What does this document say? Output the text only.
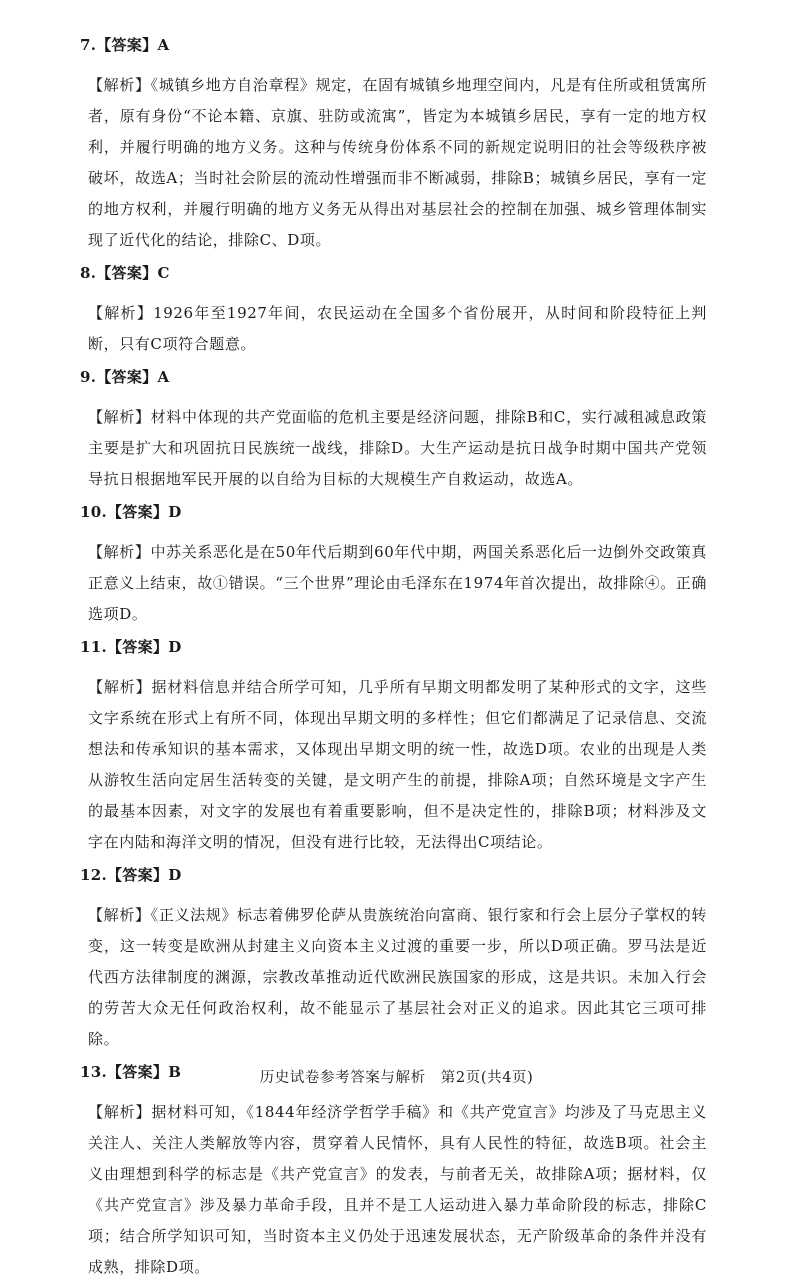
7.【答案】A

【解析】《城镇乡地方自治章程》规定，在固有城镇乡地理空间内，凡是有住所或租赁寓所者，原有身份“不论本籍、京旗、驻防或流寓”，皆定为本城镇乡居民，享有一定的地方权利，并履行明确的地方义务。这种与传统身份体系不同的新规定说明旧的社会等级秩序被破坏，故选A；当时社会阶层的流动性增强而非不断减弱，排除B；城镇乡居民，享有一定的地方权利，并履行明确的地方义务无从得出对基层社会的控制在加强、城乡管理体制实现了近代化的结论，排除C、D项。

8.【答案】C

【解析】1926年至1927年间，农民运动在全国多个省份展开，从时间和阶段特征上判断，只有C项符合题意。

9.【答案】A

【解析】材料中体现的共产党面临的危机主要是经济问题，排除B和C，实行减租减息政策主要是扩大和巩固抗日民族统一战线，排除D。大生产运动是抗日战争时期中国共产党领导抗日根据地军民开展的以自给为目标的大规模生产自救运动，故选A。

10.【答案】D

【解析】中苏关系恶化是在50年代后期到60年代中期，两国关系恶化后一边倒外交政策真正意义上结束，故①错误。“三个世界”理论由毛泽东在1974年首次提出，故排除④。正确选项D。

11.【答案】D

【解析】据材料信息并结合所学可知，几乎所有早期文明都发明了某种形式的文字，这些文字系统在形式上有所不同，体现出早期文明的多样性；但它们都满足了记录信息、交流想法和传承知识的基本需求，又体现出早期文明的统一性，故选D项。农业的出现是人类从游牧生活向定居生活转变的关键，是文明产生的前提，排除A项；自然环境是文字产生的最基本因素，对文字的发展也有着重要影响，但不是决定性的，排除B项；材料涉及文字在内陆和海洋文明的情况，但没有进行比较，无法得出C项结论。

12.【答案】D

【解析】《正义法规》标志着佛罗伦萨从贵族统治向富商、银行家和行会上层分子掌权的转变，这一转变是欧洲从封建主义向资本主义过渡的重要一步，所以D项正确。罗马法是近代西方法律制度的渊源，宗教改革推动近代欧洲民族国家的形成，这是共识。未加入行会的劳苦大众无任何政治权利，故不能显示了基层社会对正义的追求。因此其它三项可排除。

13.【答案】B

【解析】据材料可知，《1844年经济学哲学手稿》和《共产党宣言》均涉及了马克思主义关注人、关注人类解放等内容，贯穿着人民情怀，具有人民性的特征，故选B项。社会主义由理想到科学的标志是《共产党宣言》的发表，与前者无关，故排除A项；据材料，仅《共产党宣言》涉及暴力革命手段，且并不是工人运动进入暴力革命阶段的标志，排除C项；结合所学知识可知，当时资本主义仍处于迅速发展状态，无产阶级革命的条件并没有成熟，排除D项。

历史试卷参考答案与解析　第2页(共4页)
